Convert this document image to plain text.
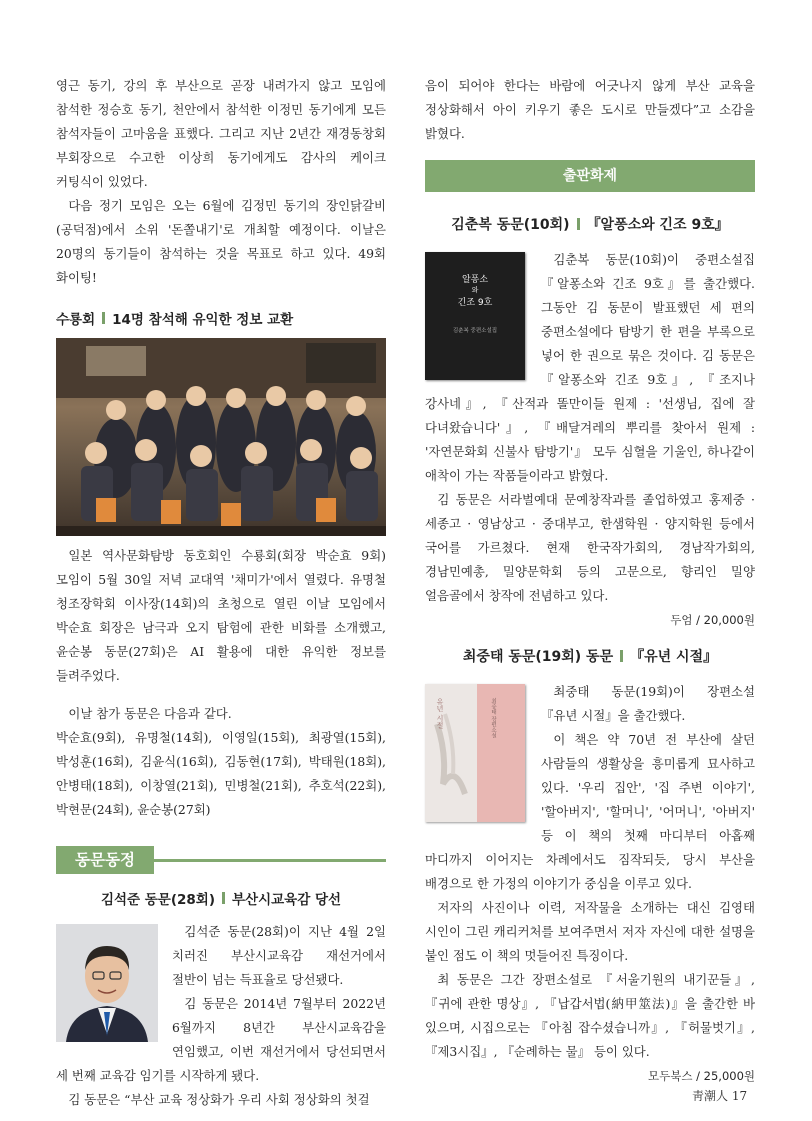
영근 동기, 강의 후 부산으로 곧장 내려가지 않고 모임에 참석한 정승호 동기, 천안에서 참석한 이정민 동기에게 모든 참석자들이 고마움을 표했다. 그리고 지난 2년간 재경동창회 부회장으로 수고한 이상희 동기에게도 감사의 케이크 커팅식이 있었다.

다음 정기 모임은 오는 6월에 김정민 동기의 장인닭갈비(공덕점)에서 소위 '돈쫄내기'로 개최할 예정이다. 이날은 20명의 동기들이 참석하는 것을 목표로 하고 있다. 49회 화이팅!

수룡회 14명 참석해 유익한 정보 교환

일본 역사문화탐방 동호회인 수룡회(회장 박순효 9회) 모임이 5월 30일 저녁 교대역 '채미가'에서 열렸다. 유명철 청조장학회 이사장(14회)의 초청으로 열린 이날 모임에서 박순효 회장은 남극과 오지 탐험에 관한 비화를 소개했고, 윤순봉 동문(27회)은 AI 활용에 대한 유익한 정보를 들려주었다.

이날 참가 동문은 다음과 같다.

박순효(9회), 유명철(14회), 이영일(15회), 최광열(15회), 박성훈(16회), 김윤식(16회), 김동현(17회), 박태원(18회), 안병태(18회), 이창열(21회), 민병철(21회), 추호석(22회), 박현문(24회), 윤순봉(27회)

동문동정
김석준 동문(28회) 부산시교육감 당선

김석준 동문(28회)이 지난 4월 2일 치러진 부산시교육감 재선거에서 절반이 넘는 득표율로 당선됐다.

김 동문은 2014년 7월부터 2022년 6월까지 8년간 부산시교육감을 연임했고, 이번 재선거에서 당선되면서 세 번째 교육감 임기를 시작하게 됐다.

김 동문은 “부산 교육 정상화가 우리 사회 정상화의 첫걸

음이 되어야 한다는 바람에 어긋나지 않게 부산 교육을 정상화해서 아이 키우기 좋은 도시로 만들겠다”고 소감을 밝혔다.

출판화제
김춘복 동문(10회) 『알퐁소와 긴조 9호』
알퐁소
와
긴조 9호
김춘복 중편소설집

김춘복 동문(10회)이 중편소설집 『알퐁소와 긴조 9호』를 출간했다. 그동안 김 동문이 발표했던 세 편의 중편소설에다 탐방기 한 편을 부록으로 넣어 한 권으로 묶은 것이다. 김 동문은 『알퐁소와 긴조 9호』, 『조지나 강사네』, 『산적과 똘만이들 원제 : '선생님, 집에 잘 다녀왔습니다'』, 『배달겨레의 뿌리를 찾아서 원제 : '자연문화회 신불사 탐방기'』 모두 심혈을 기울인, 하나같이 애착이 가는 작품들이라고 밝혔다.

김 동문은 서라벌예대 문예창작과를 졸업하였고 홍제중 · 세종고 · 영남상고 · 중대부고, 한샘학원 · 양지학원 등에서 국어를 가르쳤다. 현재 한국작가회의, 경남작가회의, 경남민예총, 밀양문학회 등의 고문으로, 향리인 밀양 얼음골에서 창작에 전념하고 있다.

두엄 / 20,000원
최중태 동문(19회) 동문 『유년 시절』
유년 시절	최중태 장편소설

최중태 동문(19회)이 장편소설 『유년 시절』을 출간했다.

이 책은 약 70년 전 부산에 살던 사람들의 생활상을 흥미롭게 묘사하고 있다. '우리 집안', '집 주변 이야기', '할아버지', '할머니', '어머니', '아버지' 등 이 책의 첫째 마디부터 아홉째 마디까지 이어지는 차례에서도 짐작되듯, 당시 부산을 배경으로 한 가정의 이야기가 중심을 이루고 있다.

저자의 사진이나 이력, 저작물을 소개하는 대신 김영태 시인이 그린 캐리커처를 보여주면서 저자 자신에 대한 설명을 붙인 점도 이 책의 멋들어진 특징이다.

최 동문은 그간 장편소설로 『서울기원의 내기꾼들』, 『귀에 관한 명상』, 『납갑서법(納甲筮法)』을 출간한 바 있으며, 시집으로는 『아침 잡수셨습니까』, 『허물벗기』, 『제3시집』, 『순례하는 물』 등이 있다.

모두북스 / 25,000원
靑潮人 17
